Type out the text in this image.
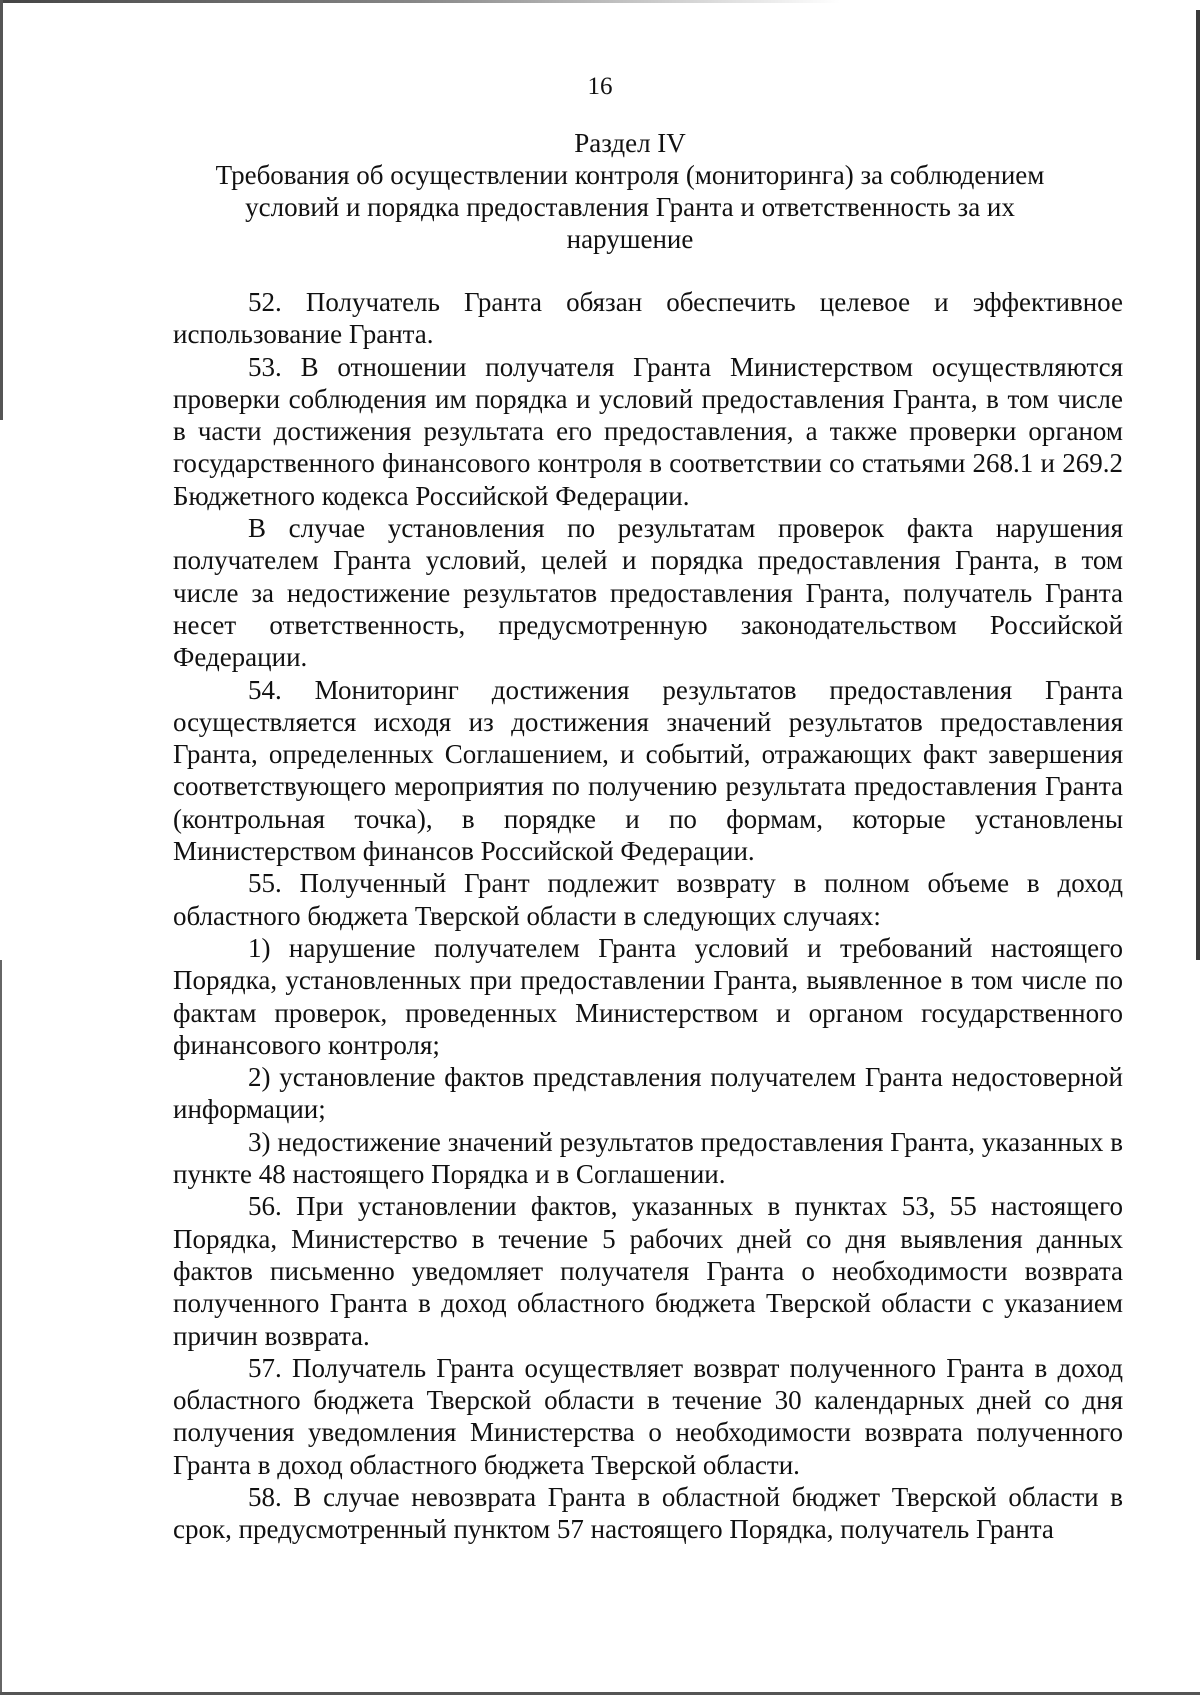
16
Раздел IV
Требования об осуществлении контроля (мониторинга) за соблюдением условий и порядка предоставления Гранта и ответственность за их нарушение

52. Получатель Гранта обязан обеспечить целевое и эффективное использование Гранта.

53. В отношении получателя Гранта Министерством осуществляются проверки соблюдения им порядка и условий предоставления Гранта, в том числе в части достижения результата его предоставления, а также проверки органом государственного финансового контроля в соответствии со статьями 268.1 и 269.2 Бюджетного кодекса Российской Федерации.

В случае установления по результатам проверок факта нарушения получателем Гранта условий, целей и порядка предоставления Гранта, в том числе за недостижение результатов предоставления Гранта, получатель Гранта несет ответственность, предусмотренную законодательством Российской Федерации.

54. Мониторинг достижения результатов предоставления Гранта осуществляется исходя из достижения значений результатов предоставления Гранта, определенных Соглашением, и событий, отражающих факт завершения соответствующего мероприятия по получению результата предоставления Гранта (контрольная точка), в порядке и по формам, которые установлены Министерством финансов Российской Федерации.

55. Полученный Грант подлежит возврату в полном объеме в доход областного бюджета Тверской области в следующих случаях:

1) нарушение получателем Гранта условий и требований настоящего Порядка, установленных при предоставлении Гранта, выявленное в том числе по фактам проверок, проведенных Министерством и органом государственного финансового контроля;

2) установление фактов представления получателем Гранта недостоверной информации;

3) недостижение значений результатов предоставления Гранта, указанных в пункте 48 настоящего Порядка и в Соглашении.

56. При установлении фактов, указанных в пунктах 53, 55 настоящего Порядка, Министерство в течение 5 рабочих дней со дня выявления данных фактов письменно уведомляет получателя Гранта о необходимости возврата полученного Гранта в доход областного бюджета Тверской области с указанием причин возврата.

57. Получатель Гранта осуществляет возврат полученного Гранта в доход областного бюджета Тверской области в течение 30 календарных дней со дня получения уведомления Министерства о необходимости возврата полученного Гранта в доход областного бюджета Тверской области.

58. В случае невозврата Гранта в областной бюджет Тверской области в срок, предусмотренный пунктом 57 настоящего Порядка, получатель Гранта
